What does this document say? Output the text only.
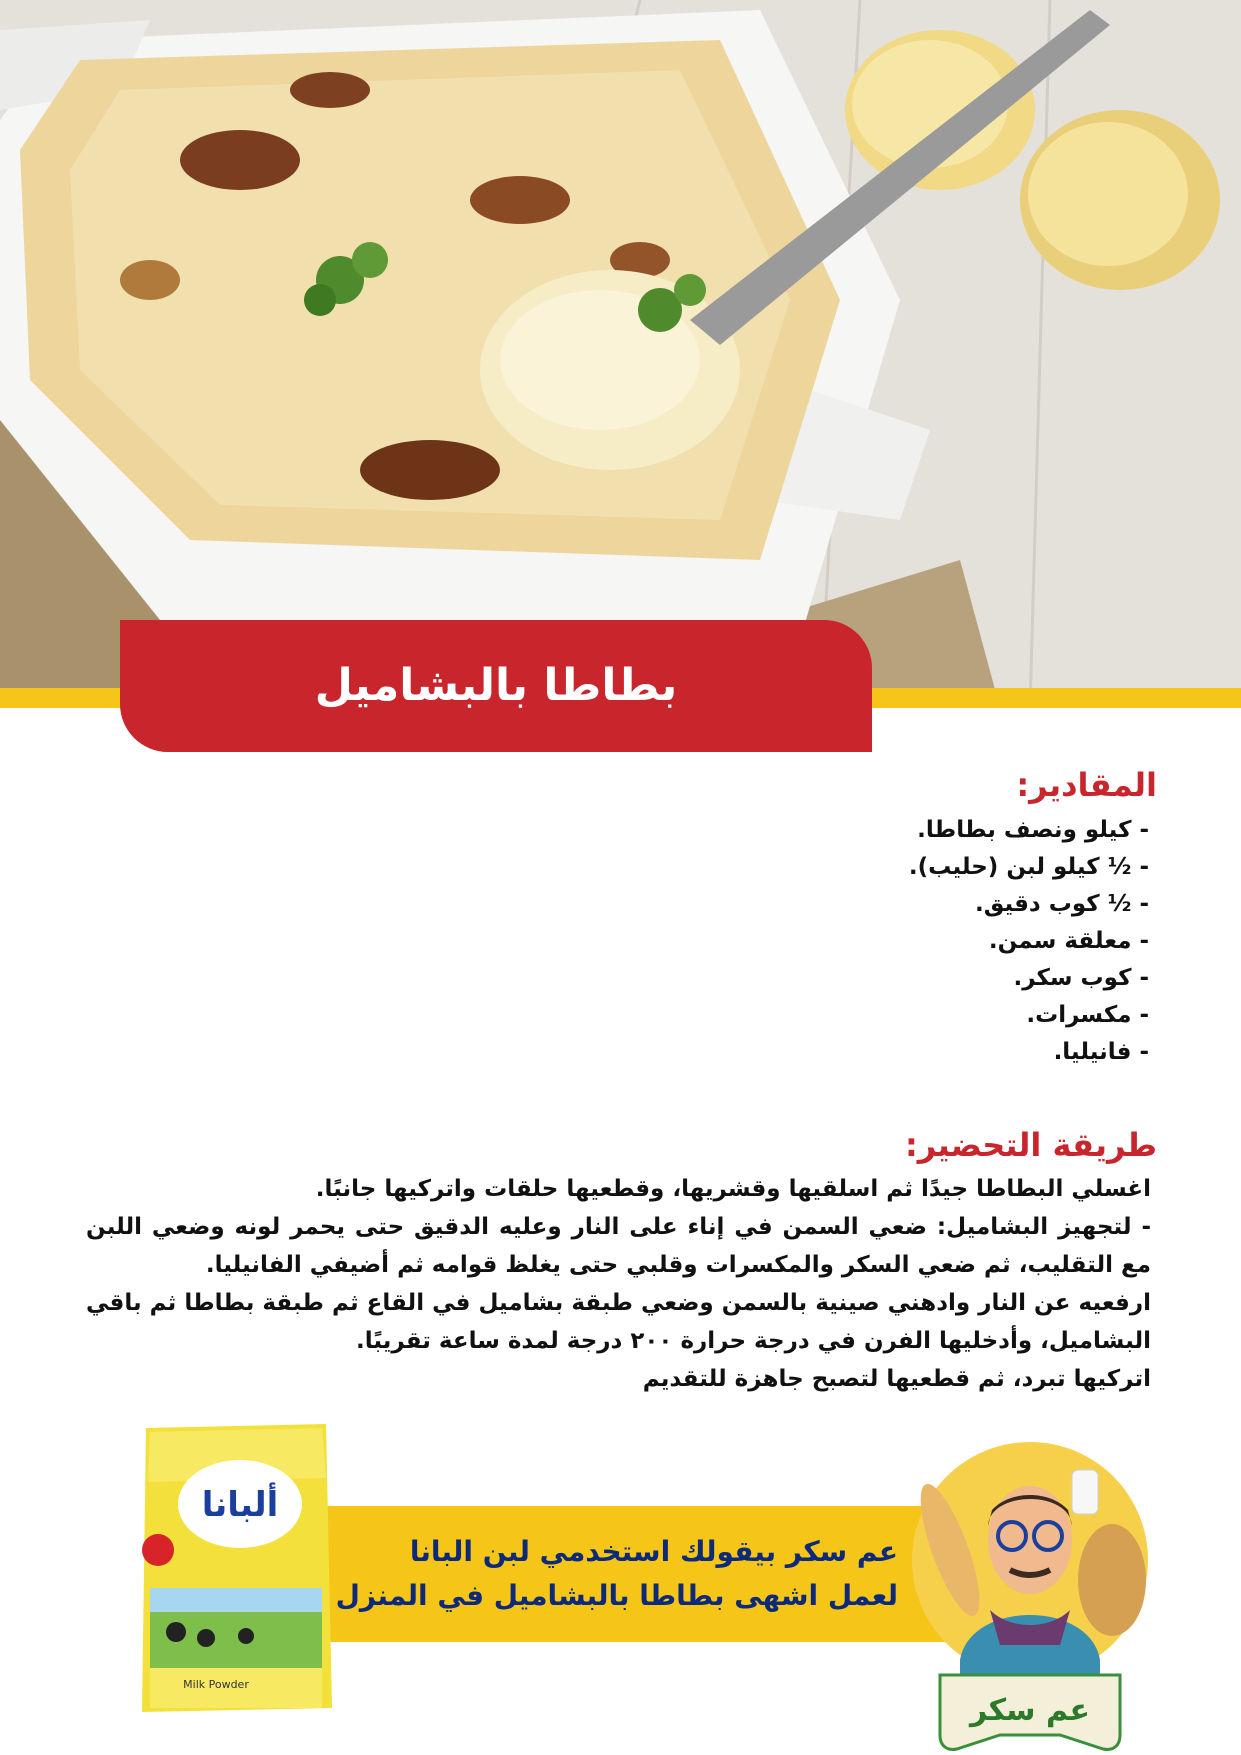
بطاطا بالبشاميل
المقادير:
- كيلو ونصف بطاطا.
- ½ كيلو لبن (حليب).
- ½ كوب دقيق.
- معلقة سمن.
- كوب سكر.
- مكسرات.
- فانيليا.
طريقة التحضير:

اغسلي البطاطا جيدًا ثم اسلقيها وقشريها، وقطعيها حلقات واتركيها جانبًا.

- لتجهيز البشاميل: ضعي السمن في إناء على النار وعليه الدقيق حتى يحمر لونه وضعي اللبن مع التقليب، ثم ضعي السكر والمكسرات وقلبي حتى يغلظ قوامه ثم أضيفي الفانيليا.

ارفعيه عن النار وادهني صينية بالسمن وضعي طبقة بشاميل في القاع ثم طبقة بطاطا ثم باقي البشاميل، وأدخليها الفرن في درجة حرارة ٢٠٠ درجة لمدة ساعة تقريبًا.

اتركيها تبرد، ثم قطعيها لتصبح جاهزة للتقديم

عم سكر بيقولك استخدمي لبن البانا
لعمل اشهى بطاطا بالبشاميل في المنزل
ألبانا
Milk Powder
عم سكر
